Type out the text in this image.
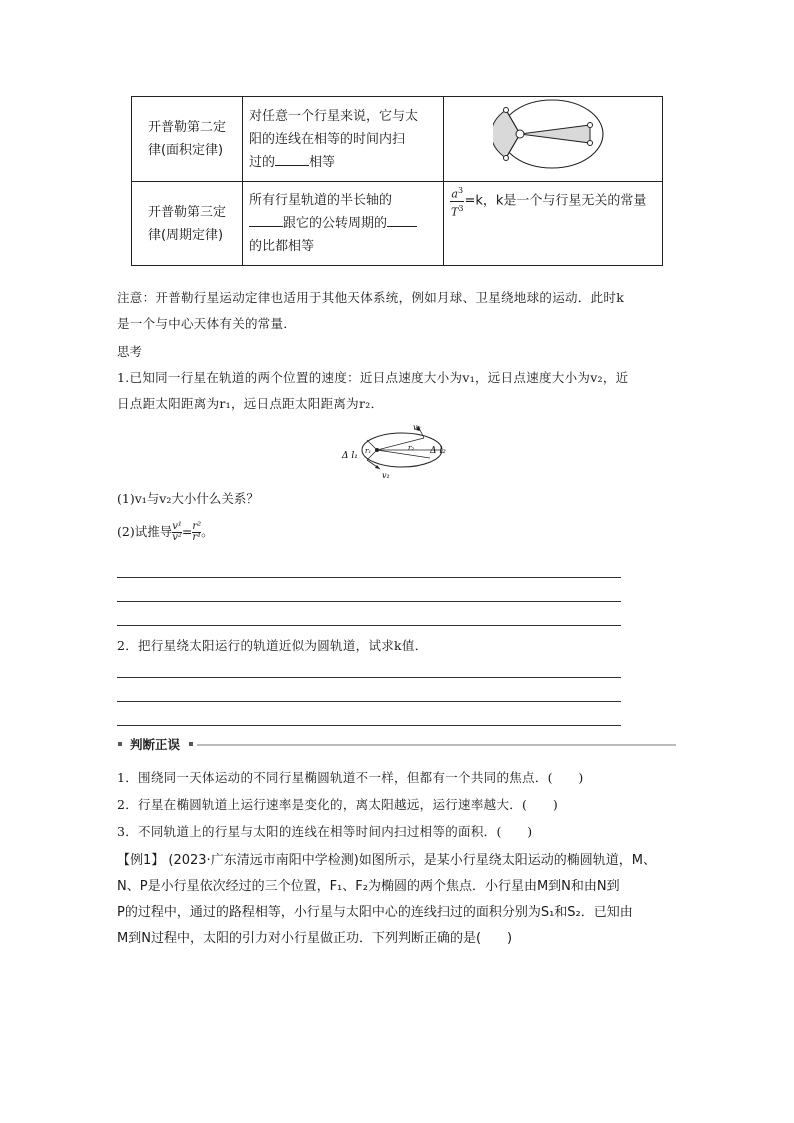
开普勒第二定
律(面积定律)	对任意一个行星来说，它与太
阳的连线在相等的时间内扫
过的 相等	
开普勒第三定
律(周期定律)	所有行星轨道的半长轴的
跟它的公转周期的
的比都相等	$\frac{a^3}{T^3} =k$，k是一个与行星无关的常量
注意：开普勒行星运动定律也适用于其他天体系统，例如月球、卫星绕地球的运动．此时k
是一个与中心天体有关的常量．
思考
1.已知同一行星在轨道的两个位置的速度：近日点速度大小为v₁，远日点速度大小为v₂，近
日点距太阳距离为r₁，远日点距太阳距离为r₂．
Δ l₁	Δ l₂
v₁
v₂
r₁	r₂
(1)v₁与v₂大小什么关系？
(2)试推导 $\frac{\text{v¹}}{\text{v²}} = \frac{\text{r²}}{\text{r¹}}$ 。
2．把行星绕太阳运行的轨道近似为圆轨道，试求k值．
判断正误
1．围绕同一天体运动的不同行星椭圆轨道不一样，但都有一个共同的焦点．(　　)
2．行星在椭圆轨道上运行速率是变化的，离太阳越远，运行速率越大．(　　)
3．不同轨道上的行星与太阳的连线在相等时间内扫过相等的面积．(　　)
【例1】 (2023·广东清远市南阳中学检测)如图所示，是某小行星绕太阳运动的椭圆轨道，M、
N、P是小行星依次经过的三个位置，F₁、F₂为椭圆的两个焦点．小行星由M到N和由N到
P的过程中，通过的路程相等，小行星与太阳中心的连线扫过的面积分别为S₁和S₂．已知由
M到N过程中，太阳的引力对小行星做正功．下列判断正确的是(　　)
